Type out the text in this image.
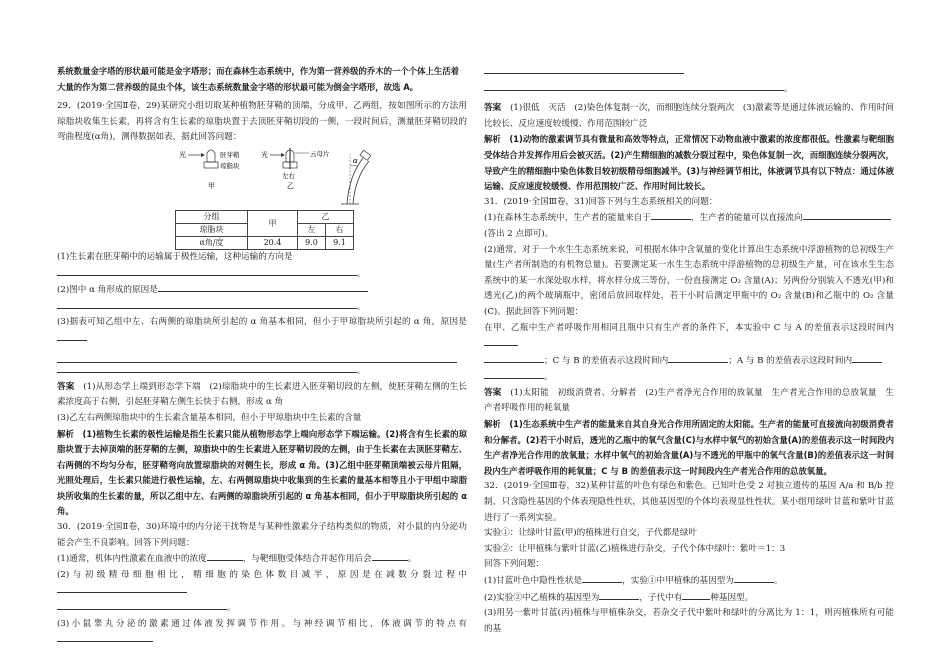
系统数量金字塔的形状最可能是金字塔形；而在森林生态系统中，作为第一营养级的乔木的一个个体上生活着
大量的作为第二营养级的昆虫个体，该生态系统数量金字塔的形状最可能为倒金字塔形，故选 A。
29．(2019·全国Ⅱ卷，29)某研究小组切取某种植物胚芽鞘的顶端，分成甲、乙两组，按如图所示的方法用琼脂块收集生长素，再将含有生长素的琼脂块置于去顶胚芽鞘切段的一侧，一段时间后，测量胚芽鞘切段的弯曲程度(α角)，测得数据如表，据此回答问题：
光	胚芽鞘
琼脂块
甲
光	云母片
左右
乙
α
分组	甲	乙	
琼脂块		左	右
α角/度	20.4	9.0	9.1
(1)生长素在胚芽鞘中的运输属于极性运输，这种运输的方向是
。
(2)图中 α 角形成的原因是
。
(3)据表可知乙组中左、右两侧的琼脂块所引起的 α 角基本相同，但小于甲琼脂块所引起的 α 角，原因是
。
答案　 (1)从形态学上端到形态学下端　(2)琼脂块中的生长素进入胚芽鞘切段的左侧，使胚芽鞘左侧的生长素浓度高于右侧，引起胚芽鞘左侧生长快于右侧，形成 α 角
(3)乙左右两侧琼脂块中的生长素含量基本相同，但小于甲琼脂块中生长素的含量
解析　 (1)植物生长素的极性运输是指生长素只能从植物形态学上端向形态学下端运输。(2)将含有生长素的琼脂块置于去掉顶端的胚芽鞘的左侧，琼脂块中的生长素进入胚芽鞘切段的左侧，由于生长素在去顶胚芽鞘左、右两侧的不均匀分布，胚芽鞘弯向放置琼脂块的对侧生长，形成 α 角。(3)乙组中胚芽鞘顶端被云母片阻隔，光照处理后，生长素只能进行极性运输，左、右两侧琼脂块中收集到的生长素的量基本相等且小于甲组中琼脂块所收集的生长素的量，所以乙组中左、右两侧的琼脂块所引起的 α 角基本相同，但小于甲琼脂块所引起的 α 角。
30．(2019·全国Ⅱ卷，30)环境中的内分泌干扰物是与某种性激素分子结构类似的物质，对小鼠的内分泌功能会产生不良影响。回答下列问题：
(1)通常，机体内性激素在血液中的浓度	，与靶细胞受体结合并起作用后会	。
(2)与初级精母细胞相比，精细胞的染色体数目减半，原因是在减数分裂过程中
。
(3)小鼠睾丸分泌的激素通过体液发挥调节作用。与神经调节相比，体液调节的特点有
。
答案　 (1)很低　灭活　(2)染色体复制一次，而细胞连续分裂两次　(3)激素等是通过体液运输的、作用时间比较长、反应速度较缓慢、作用范围较广泛
解析　 (1)动物的激素调节具有微量和高效等特点，正常情况下动物血液中激素的浓度都很低。性激素与靶细胞受体结合并发挥作用后会被灭活。(2)产生精细胞的减数分裂过程中，染色体复制一次，而细胞连续分裂两次，导致产生的精细胞中染色体数目较初级精母细胞减半。(3)与神经调节相比，体液调节具有以下特点：通过体液运输、反应速度较缓慢、作用范围较广泛、作用时间比较长。
31．(2019·全国Ⅲ卷，31)回答下列与生态系统相关的问题：
(1)在森林生态系统中，生产者的能量来自于	，生产者的能量可以直接流向
(答出 2 点即可)。
(2)通常，对于一个水生生态系统来说，可根据水体中含氧量的变化计算出生态系统中浮游植物的总初级生产量(生产者所制造的有机物总量)。若要测定某一水生生态系统中浮游植物的总初级生产量，可在该水生生态系统中的某一水深处取水样，将水样分成三等份，一份直接测定 O₂ 含量(A)；另两份分别装入不透光(甲)和透光(乙)的两个玻璃瓶中，密闭后放回取样处，若干小时后测定甲瓶中的 O₂ 含量(B)和乙瓶中的 O₂ 含量(C)。据此回答下列问题：
在甲、乙瓶中生产者呼吸作用相同且瓶中只有生产者的条件下，本实验中 C 与 A 的差值表示这段时间内
；C 与 B 的差值表示这段时间内	；A 与 B 的差值表示这段时间内
。
答案　 (1)太阳能　初级消费者、分解者　(2)生产者净光合作用的放氧量　生产者光合作用的总放氧量　生产者呼吸作用的耗氧量
解析　 (1)生态系统中生产者的能量来自其自身光合作用所固定的太阳能。生产者的能量可直接流向初级消费者和分解者。(2)若干小时后，透光的乙瓶中的氧气含量(C)与水样中氧气的初始含量(A)的差值表示这一时间段内生产者净光合作用的放氧量；水样中氧气的初始含量(A)与不透光的甲瓶中的氧气含量(B)的差值表示这一时间段内生产者呼吸作用的耗氧量；C 与 B 的差值表示这一时间段内生产者光合作用的总放氧量。
32．(2019·全国Ⅲ卷，32)某种甘蓝的叶色有绿色和紫色。已知叶色受 2 对独立遗传的基因 A/a 和 B/b 控制，只含隐性基因的个体表现隐性性状，其他基因型的个体均表现显性性状。某小组用绿叶甘蓝和紫叶甘蓝进行了一系列实验。
实验①：让绿叶甘蓝(甲)的植株进行自交，子代都是绿叶
实验②：让甲植株与紫叶甘蓝(乙)植株进行杂交，子代个体中绿叶：紫叶＝1：3
回答下列问题：
(1)甘蓝叶色中隐性性状是	，实验①中甲植株的基因型为	。
(2)实验②中乙植株的基因型为	，子代中有	种基因型。
(3)用另一紫叶甘蓝(丙)植株与甲植株杂交，若杂交子代中紫叶和绿叶的分离比为 1：1，则丙植株所有可能的基
